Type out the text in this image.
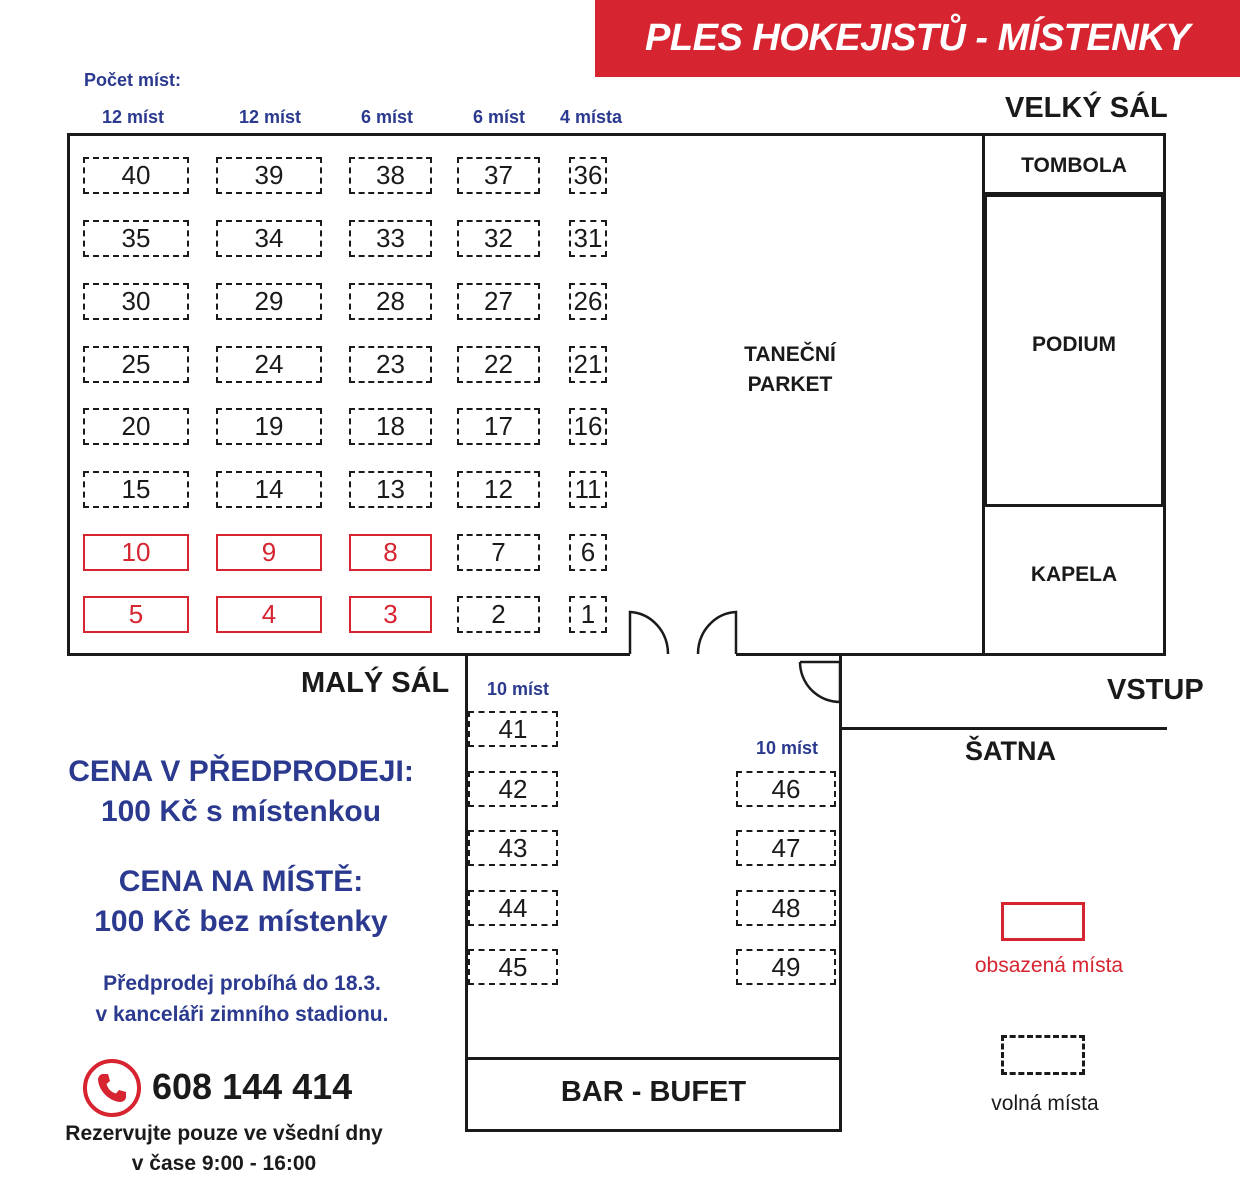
PLES HOKEJISTŮ - MÍSTENKY
Počet míst:
12 míst	12 míst	6 míst	6 míst 4 místa	VELKÝ SÁL
MALÝ SÁL	VSTUP
ŠATNA
TOMBOLA
PODIUM
KAPELA
TANEČNÍ
PARKET
BAR - BUFET
10 míst
10 míst
40	39	38	37	36
35	34	33	32	31
30	29	28	27	26
25	24	23	22	21
20	19	18	17	16
15	14	13	12	11
10	9	8	7	6
5	4	3	2	1
41
42
43
44
45
46
47
48
49
CENA V PŘEDPRODEJI:
100 Kč s místenkou
CENA NA MÍSTĚ:
100 Kč bez místenky
Předprodej probíhá do 18.3.
v kanceláři zimního stadionu.
608 144 414
Rezervujte pouze ve všední dny
v čase 9:00 - 16:00
obsazená místa
volná místa
